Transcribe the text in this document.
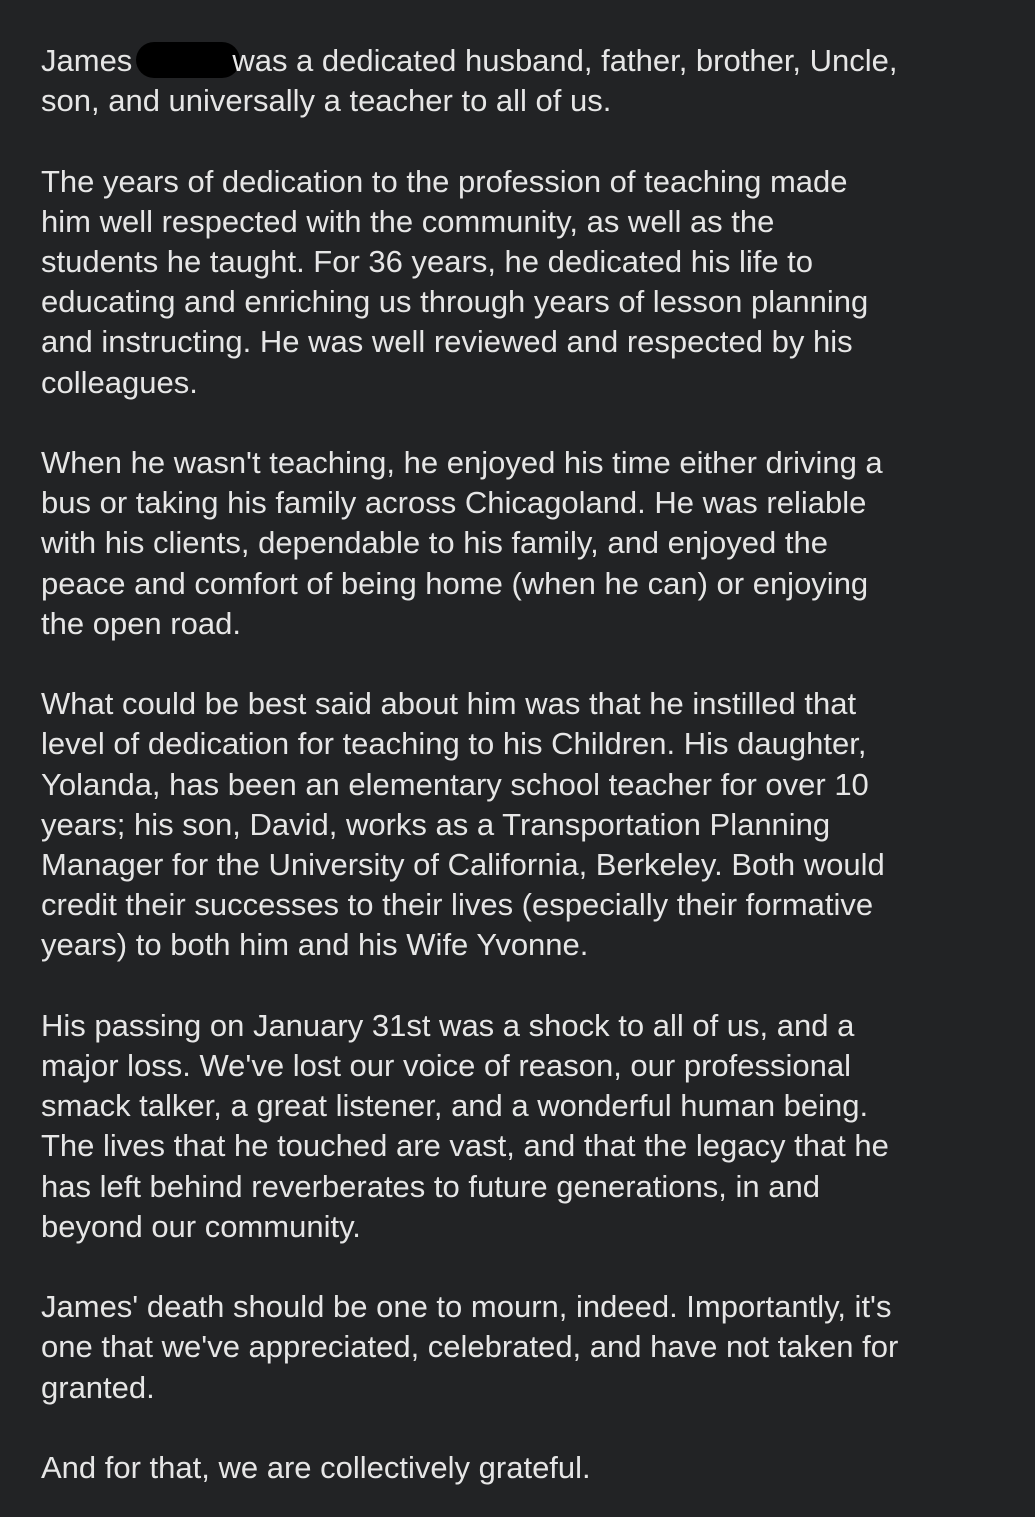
James	was a dedicated husband, father, brother, Uncle,
son, and universally a teacher to all of us.

The years of dedication to the profession of teaching made
him well respected with the community, as well as the
students he taught. For 36 years, he dedicated his life to
educating and enriching us through years of lesson planning
and instructing. He was well reviewed and respected by his
colleagues.

When he wasn't teaching, he enjoyed his time either driving a
bus or taking his family across Chicagoland. He was reliable
with his clients, dependable to his family, and enjoyed the
peace and comfort of being home (when he can) or enjoying
the open road.

What could be best said about him was that he instilled that
level of dedication for teaching to his Children. His daughter,
Yolanda, has been an elementary school teacher for over 10
years; his son, David, works as a Transportation Planning
Manager for the University of California, Berkeley. Both would
credit their successes to their lives (especially their formative
years) to both him and his Wife Yvonne.

His passing on January 31st was a shock to all of us, and a
major loss. We've lost our voice of reason, our professional
smack talker, a great listener, and a wonderful human being.
The lives that he touched are vast, and that the legacy that he
has left behind reverberates to future generations, in and
beyond our community.

James' death should be one to mourn, indeed. Importantly, it's
one that we've appreciated, celebrated, and have not taken for
granted.

And for that, we are collectively grateful.
